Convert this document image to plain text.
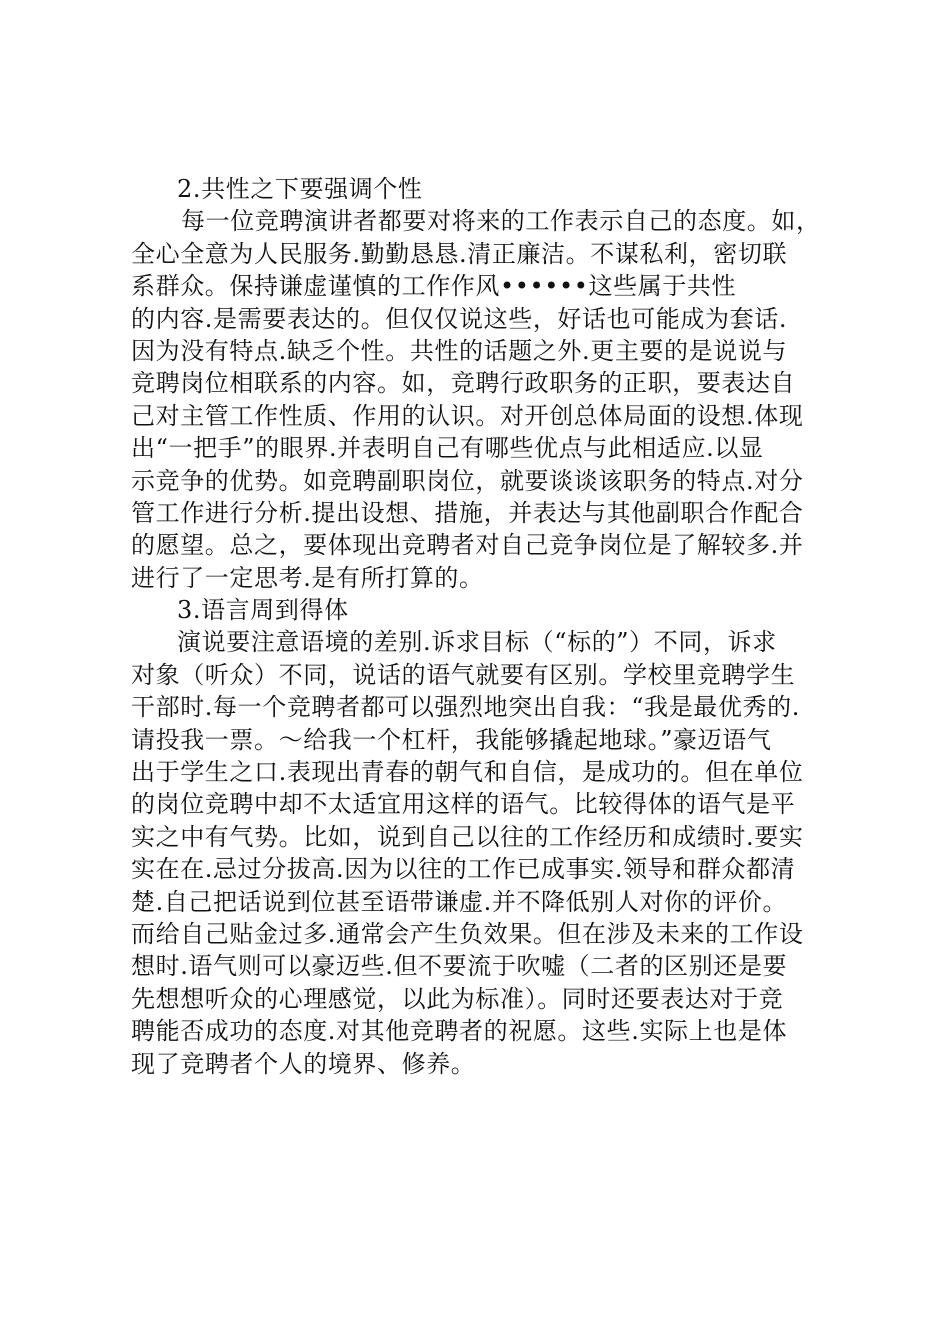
2.共性之下要强调个性
每一位竞聘演讲者都要对将来的工作表示自己的态度。如，
全心全意为人民服务.勤勤恳恳.清正廉洁。不谋私利，密切联
系群众。保持谦虚谨慎的工作作风••••••这些属于共性
的内容.是需要表达的。但仅仅说这些，好话也可能成为套话.
因为没有特点.缺乏个性。共性的话题之外.更主要的是说说与
竞聘岗位相联系的内容。如，竞聘行政职务的正职，要表达自
己对主管工作性质、作用的认识。对开创总体局面的设想.体现
出“一把手”的眼界.并表明自己有哪些优点与此相适应.以显
示竞争的优势。如竞聘副职岗位，就要谈谈该职务的特点.对分
管工作进行分析.提出设想、措施，并表达与其他副职合作配合
的愿望。总之，要体现出竞聘者对自己竞争岗位是了解较多.并
进行了一定思考.是有所打算的。
3.语言周到得体
演说要注意语境的差别.诉求目标（“标的”）不同，诉求
对象（听众）不同，说话的语气就要有区别。学校里竞聘学生
干部时.每一个竞聘者都可以强烈地突出自我：“我是最优秀的.
请投我一票。～给我一个杠杆，我能够撬起地球。”豪迈语气
出于学生之口.表现出青春的朝气和自信，是成功的。但在单位
的岗位竞聘中却不太适宜用这样的语气。比较得体的语气是平
实之中有气势。比如，说到自己以往的工作经历和成绩时.要实
实在在.忌过分拔高.因为以往的工作已成事实.领导和群众都清
楚.自己把话说到位甚至语带谦虚.并不降低别人对你的评价。
而给自己贴金过多.通常会产生负效果。但在涉及未来的工作设
想时.语气则可以豪迈些.但不要流于吹嘘（二者的区别还是要
先想想听众的心理感觉，以此为标准）。同时还要表达对于竞
聘能否成功的态度.对其他竞聘者的祝愿。这些.实际上也是体
现了竞聘者个人的境界、修养。
